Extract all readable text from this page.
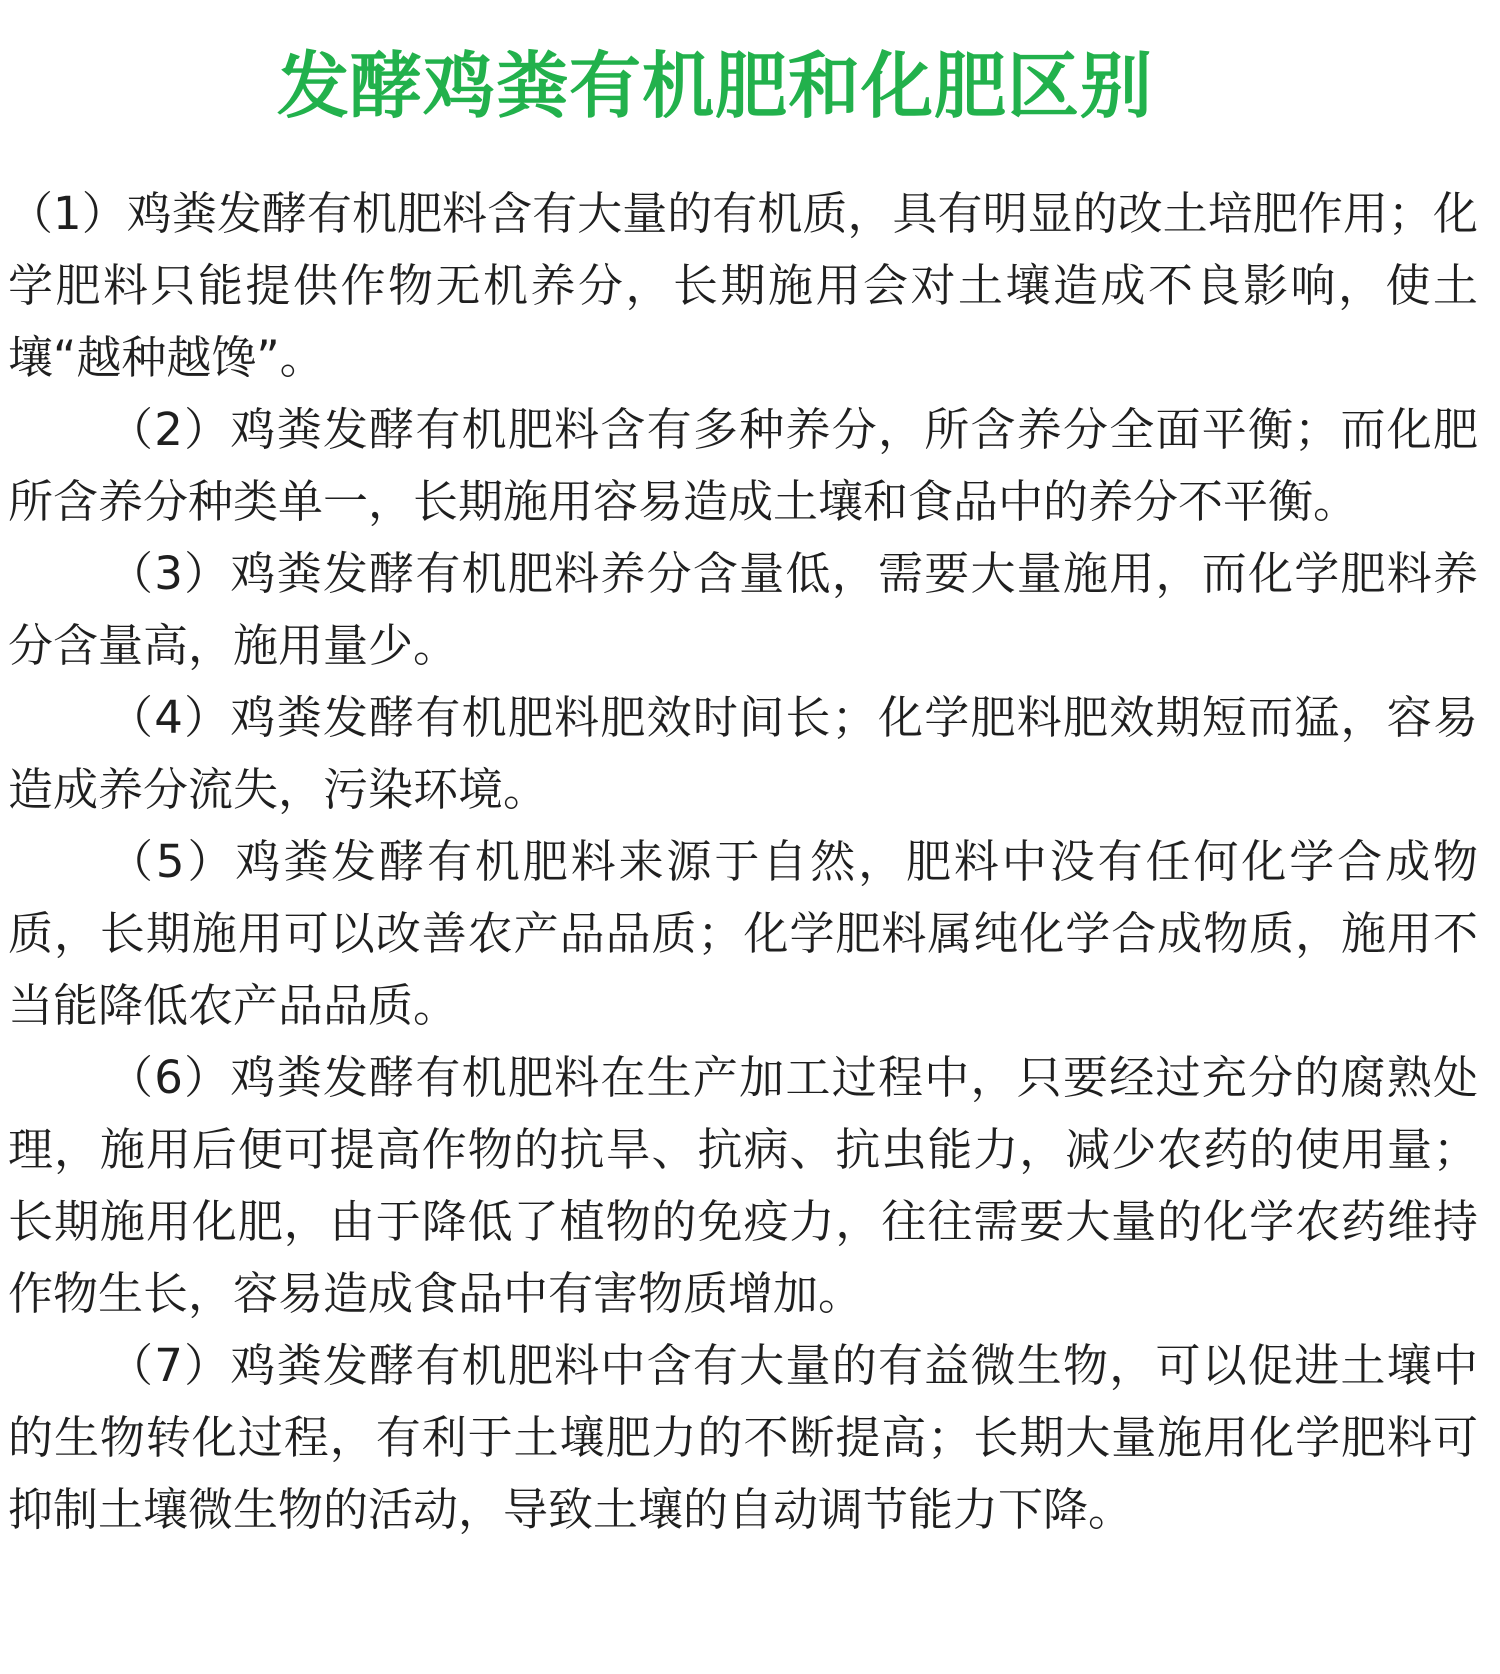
发酵鸡粪有机肥和化肥区别

（1）鸡粪发酵有机肥料含有大量的有机质，具有明显的改土培肥作用；化学肥料只能提供作物无机养分，长期施用会对土壤造成不良影响，使土壤“越种越馋”。

（2）鸡粪发酵有机肥料含有多种养分，所含养分全面平衡；而化肥所含养分种类单一，长期施用容易造成土壤和食品中的养分不平衡。

（3）鸡粪发酵有机肥料养分含量低，需要大量施用，而化学肥料养分含量高，施用量少。

（4）鸡粪发酵有机肥料肥效时间长；化学肥料肥效期短而猛，容易造成养分流失，污染环境。

（5）鸡粪发酵有机肥料来源于自然，肥料中没有任何化学合成物质，长期施用可以改善农产品品质；化学肥料属纯化学合成物质，施用不当能降低农产品品质。

（6）鸡粪发酵有机肥料在生产加工过程中，只要经过充分的腐熟处理，施用后便可提高作物的抗旱、抗病、抗虫能力，减少农药的使用量；长期施用化肥，由于降低了植物的免疫力，往往需要大量的化学农药维持作物生长，容易造成食品中有害物质增加。

（7）鸡粪发酵有机肥料中含有大量的有益微生物，可以促进土壤中的生物转化过程，有利于土壤肥力的不断提高；长期大量施用化学肥料可抑制土壤微生物的活动，导致土壤的自动调节能力下降。
